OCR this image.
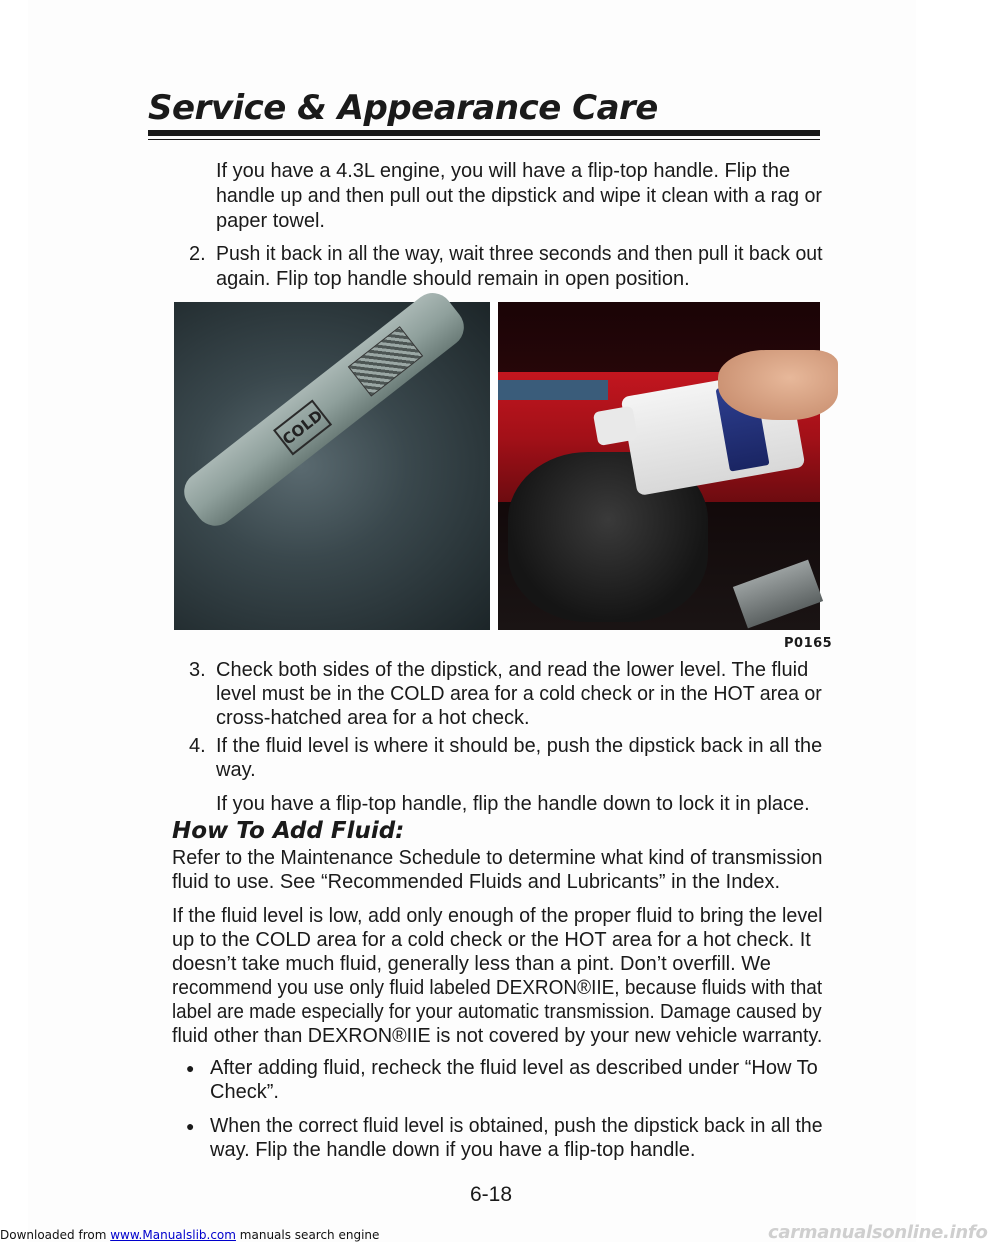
Service & Appearance Care
If you have a 4.3L engine, you will have a flip-top handle. Flip the
handle up and then pull out the dipstick and wipe it clean with a rag or
paper towel.
2. Push it back in all the way, wait three seconds and then pull it back out
again. Flip top handle should remain in open position.
COLD
P0165
3. Check both sides of the dipstick, and read the lower level. The fluid
level must be in the COLD area for a cold check or in the HOT area or
cross-hatched area for a hot check.
4. If the fluid level is where it should be, push the dipstick back in all the
way.
If you have a flip-top handle, flip the handle down to lock it in place.
How To Add Fluid:
Refer to the Maintenance Schedule to determine what kind of transmission
fluid to use. See “Recommended Fluids and Lubricants” in the Index.
If the fluid level is low, add only enough of the proper fluid to bring the level
up to the COLD area for a cold check or the HOT area for a hot check. It
doesn’t take much fluid, generally less than a pint. Don’t overfill. We
recommend you use only fluid labeled DEXRON®IIE, because fluids with that
label are made especially for your automatic transmission. Damage caused by
fluid other than DEXRON®IIE is not covered by your new vehicle warranty.
● After adding fluid, recheck the fluid level as described under “How To
Check”.
● When the correct fluid level is obtained, push the dipstick back in all the
way. Flip the handle down if you have a flip-top handle.
6-18
Downloaded from www.Manualslib.com manuals search engine	carmanualsonline.info
